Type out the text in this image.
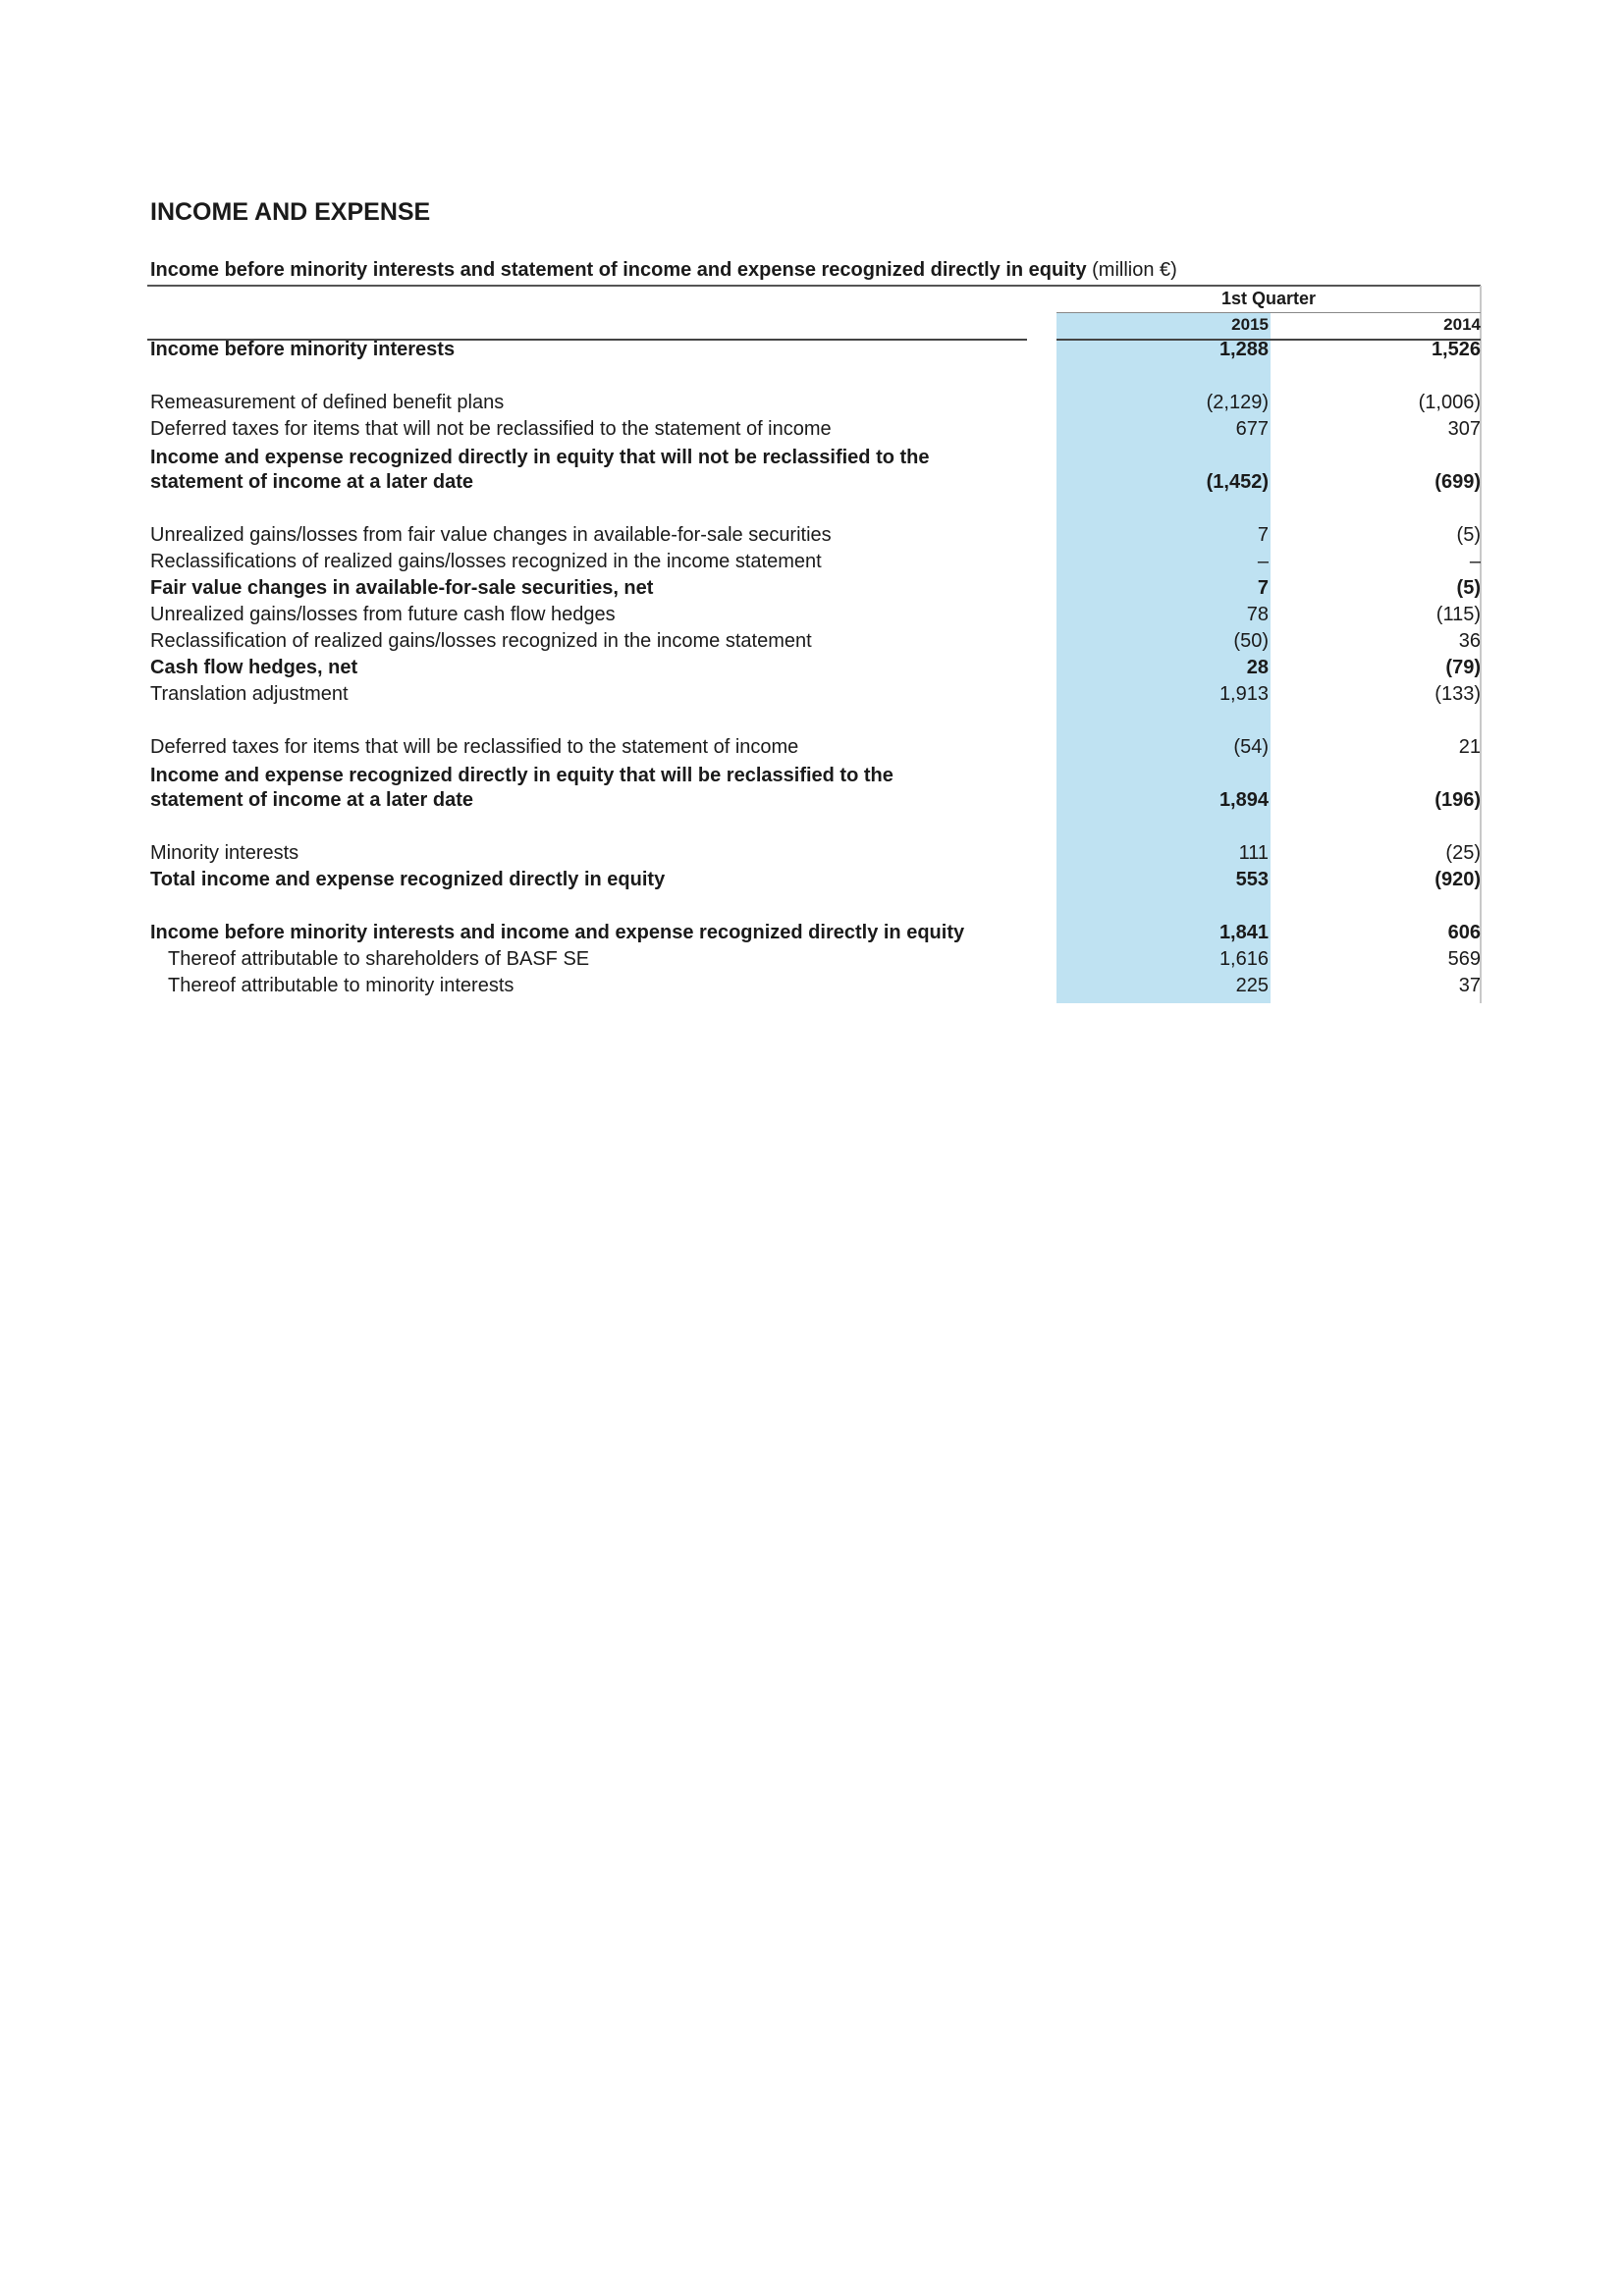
INCOME AND EXPENSE
Income before minority interests and statement of income and expense recognized directly in equity (million €)
1st Quarter
2015	2014
Income before minority interests	1,288	1,526
Remeasurement of defined benefit plans	(2,129)	(1,006)
Deferred taxes for items that will not be reclassified to the statement of income	677	307
Income and expense recognized directly in equity that will not be reclassified to the
statement of income at a later date	(1,452)	(699)
Unrealized gains/losses from fair value changes in available-for-sale securities	7	(5)
Reclassifications of realized gains/losses recognized in the income statement	–	–
Fair value changes in available-for-sale securities, net	7	(5)
Unrealized gains/losses from future cash flow hedges	78	(115)
Reclassification of realized gains/losses recognized in the income statement	(50)	36
Cash flow hedges, net	28	(79)
Translation adjustment	1,913	(133)
Deferred taxes for items that will be reclassified to the statement of income	(54)	21
Income and expense recognized directly in equity that will be reclassified to the
statement of income at a later date	1,894	(196)
Minority interests	111	(25)
Total income and expense recognized directly in equity	553	(920)
Income before minority interests and income and expense recognized directly in equity	1,841	606
Thereof attributable to shareholders of BASF SE	1,616	569
Thereof attributable to minority interests	225	37
